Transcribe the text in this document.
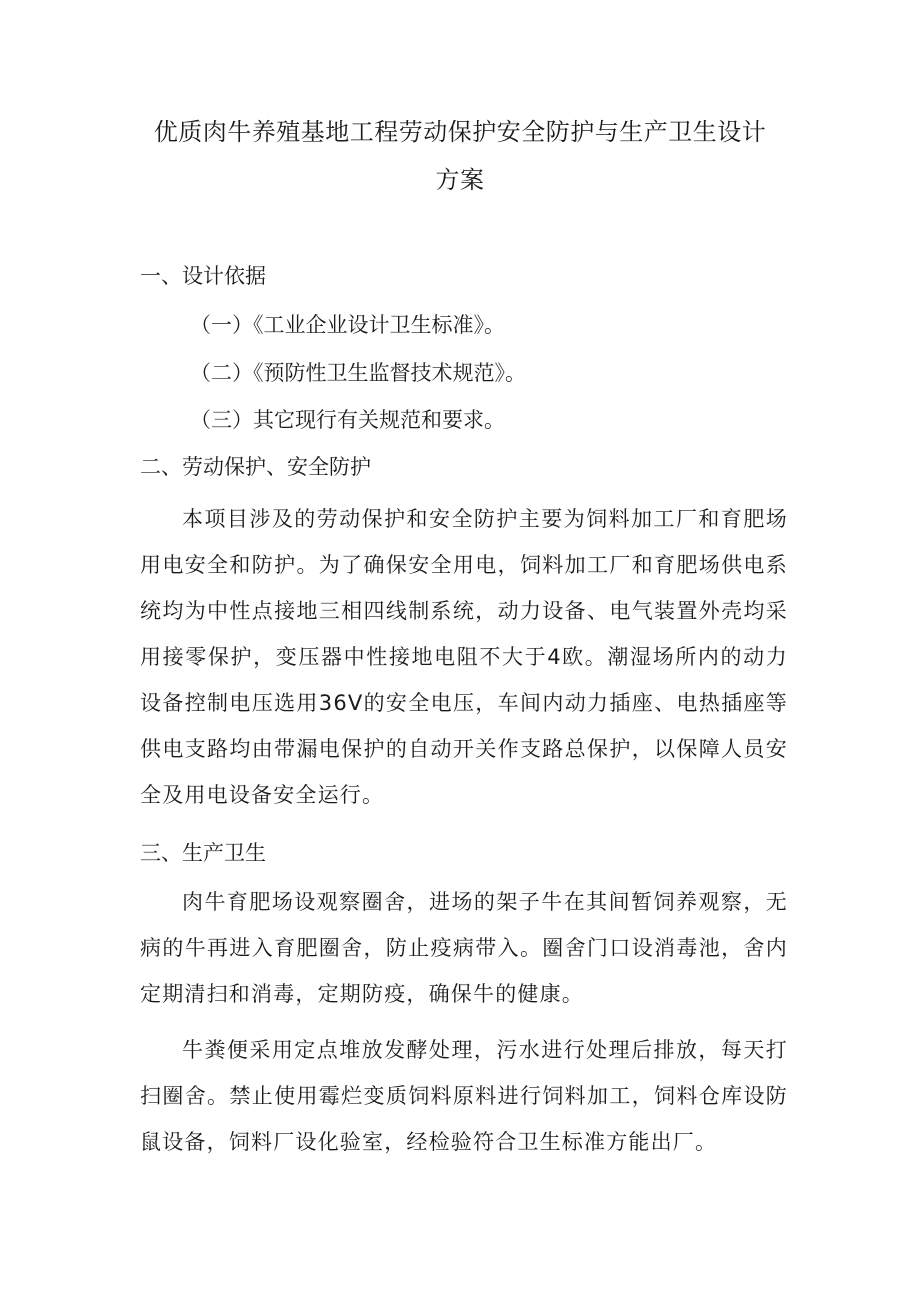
优质肉牛养殖基地工程劳动保护安全防护与生产卫生设计
方案

一、设计依据

（一）《工业企业设计卫生标准》。

（二）《预防性卫生监督技术规范》。

（三）其它现行有关规范和要求。

二、劳动保护、安全防护

本项目涉及的劳动保护和安全防护主要为饲料加工厂和育肥场用电安全和防护。为了确保安全用电，饲料加工厂和育肥场供电系统均为中性点接地三相四线制系统，动力设备、电气装置外壳均采用接零保护，变压器中性接地电阻不大于4欧。潮湿场所内的动力设备控制电压选用36V的安全电压，车间内动力插座、电热插座等供电支路均由带漏电保护的自动开关作支路总保护，以保障人员安全及用电设备安全运行。

三、生产卫生

肉牛育肥场设观察圈舍，进场的架子牛在其间暂饲养观察，无病的牛再进入育肥圈舍，防止疫病带入。圈舍门口设消毒池，舍内定期清扫和消毒，定期防疫，确保牛的健康。

牛粪便采用定点堆放发酵处理，污水进行处理后排放，每天打扫圈舍。禁止使用霉烂变质饲料原料进行饲料加工，饲料仓库设防鼠设备，饲料厂设化验室，经检验符合卫生标准方能出厂。
